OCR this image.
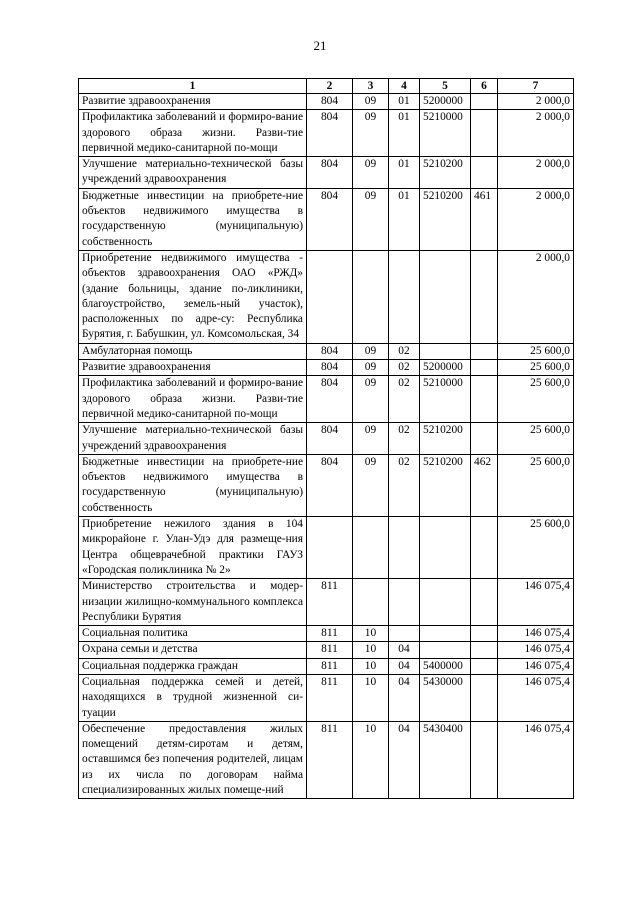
21
1	2	3	4	5	6	7
Развитие здравоохранения	804	09	01	5200000		2 000,0
Профилактика заболеваний и формиро-вание здорового образа жизни. Разви-тие первичной медико-санитарной по-мощи	804	09	01	5210000		2 000,0
Улучшение материально-технической базы учреждений здравоохранения	804	09	01	5210200		2 000,0
Бюджетные инвестиции на приобрете-ние объектов недвижимого имущества в государственную (муниципальную) собственность	804	09	01	5210200	461	2 000,0
Приобретение недвижимого имущества - объектов здравоохранения ОАО «РЖД» (здание больницы, здание по-ликлиники, благоустройство, земель-ный участок), расположенных по адре-су: Республика Бурятия, г. Бабушкин, ул. Комсомольская, 34						2 000,0
Амбулаторная помощь	804	09	02			25 600,0
Развитие здравоохранения	804	09	02	5200000		25 600,0
Профилактика заболеваний и формиро-вание здорового образа жизни. Разви-тие первичной медико-санитарной по-мощи	804	09	02	5210000		25 600,0
Улучшение материально-технической базы учреждений здравоохранения	804	09	02	5210200		25 600,0
Бюджетные инвестиции на приобрете-ние объектов недвижимого имущества в государственную (муниципальную) собственность	804	09	02	5210200	462	25 600,0
Приобретение нежилого здания в 104 микрорайоне г. Улан-Удэ для размеще-ния Центра общеврачебной практики ГАУЗ «Городская поликлиника № 2»						25 600,0
Министерство строительства и модер-низации жилищно-коммунального комплекса Республики Бурятия	811					146 075,4
Социальная политика	811	10				146 075,4
Охрана семьи и детства	811	10	04			146 075,4
Социальная поддержка граждан	811	10	04	5400000		146 075,4
Социальная поддержка семей и детей, находящихся в трудной жизненной си-туации	811	10	04	5430000		146 075,4
Обеспечение предоставления жилых помещений детям-сиротам и детям, оставшимся без попечения родителей, лицам из их числа по договорам найма специализированных жилых помеще-ний	811	10	04	5430400		146 075,4
